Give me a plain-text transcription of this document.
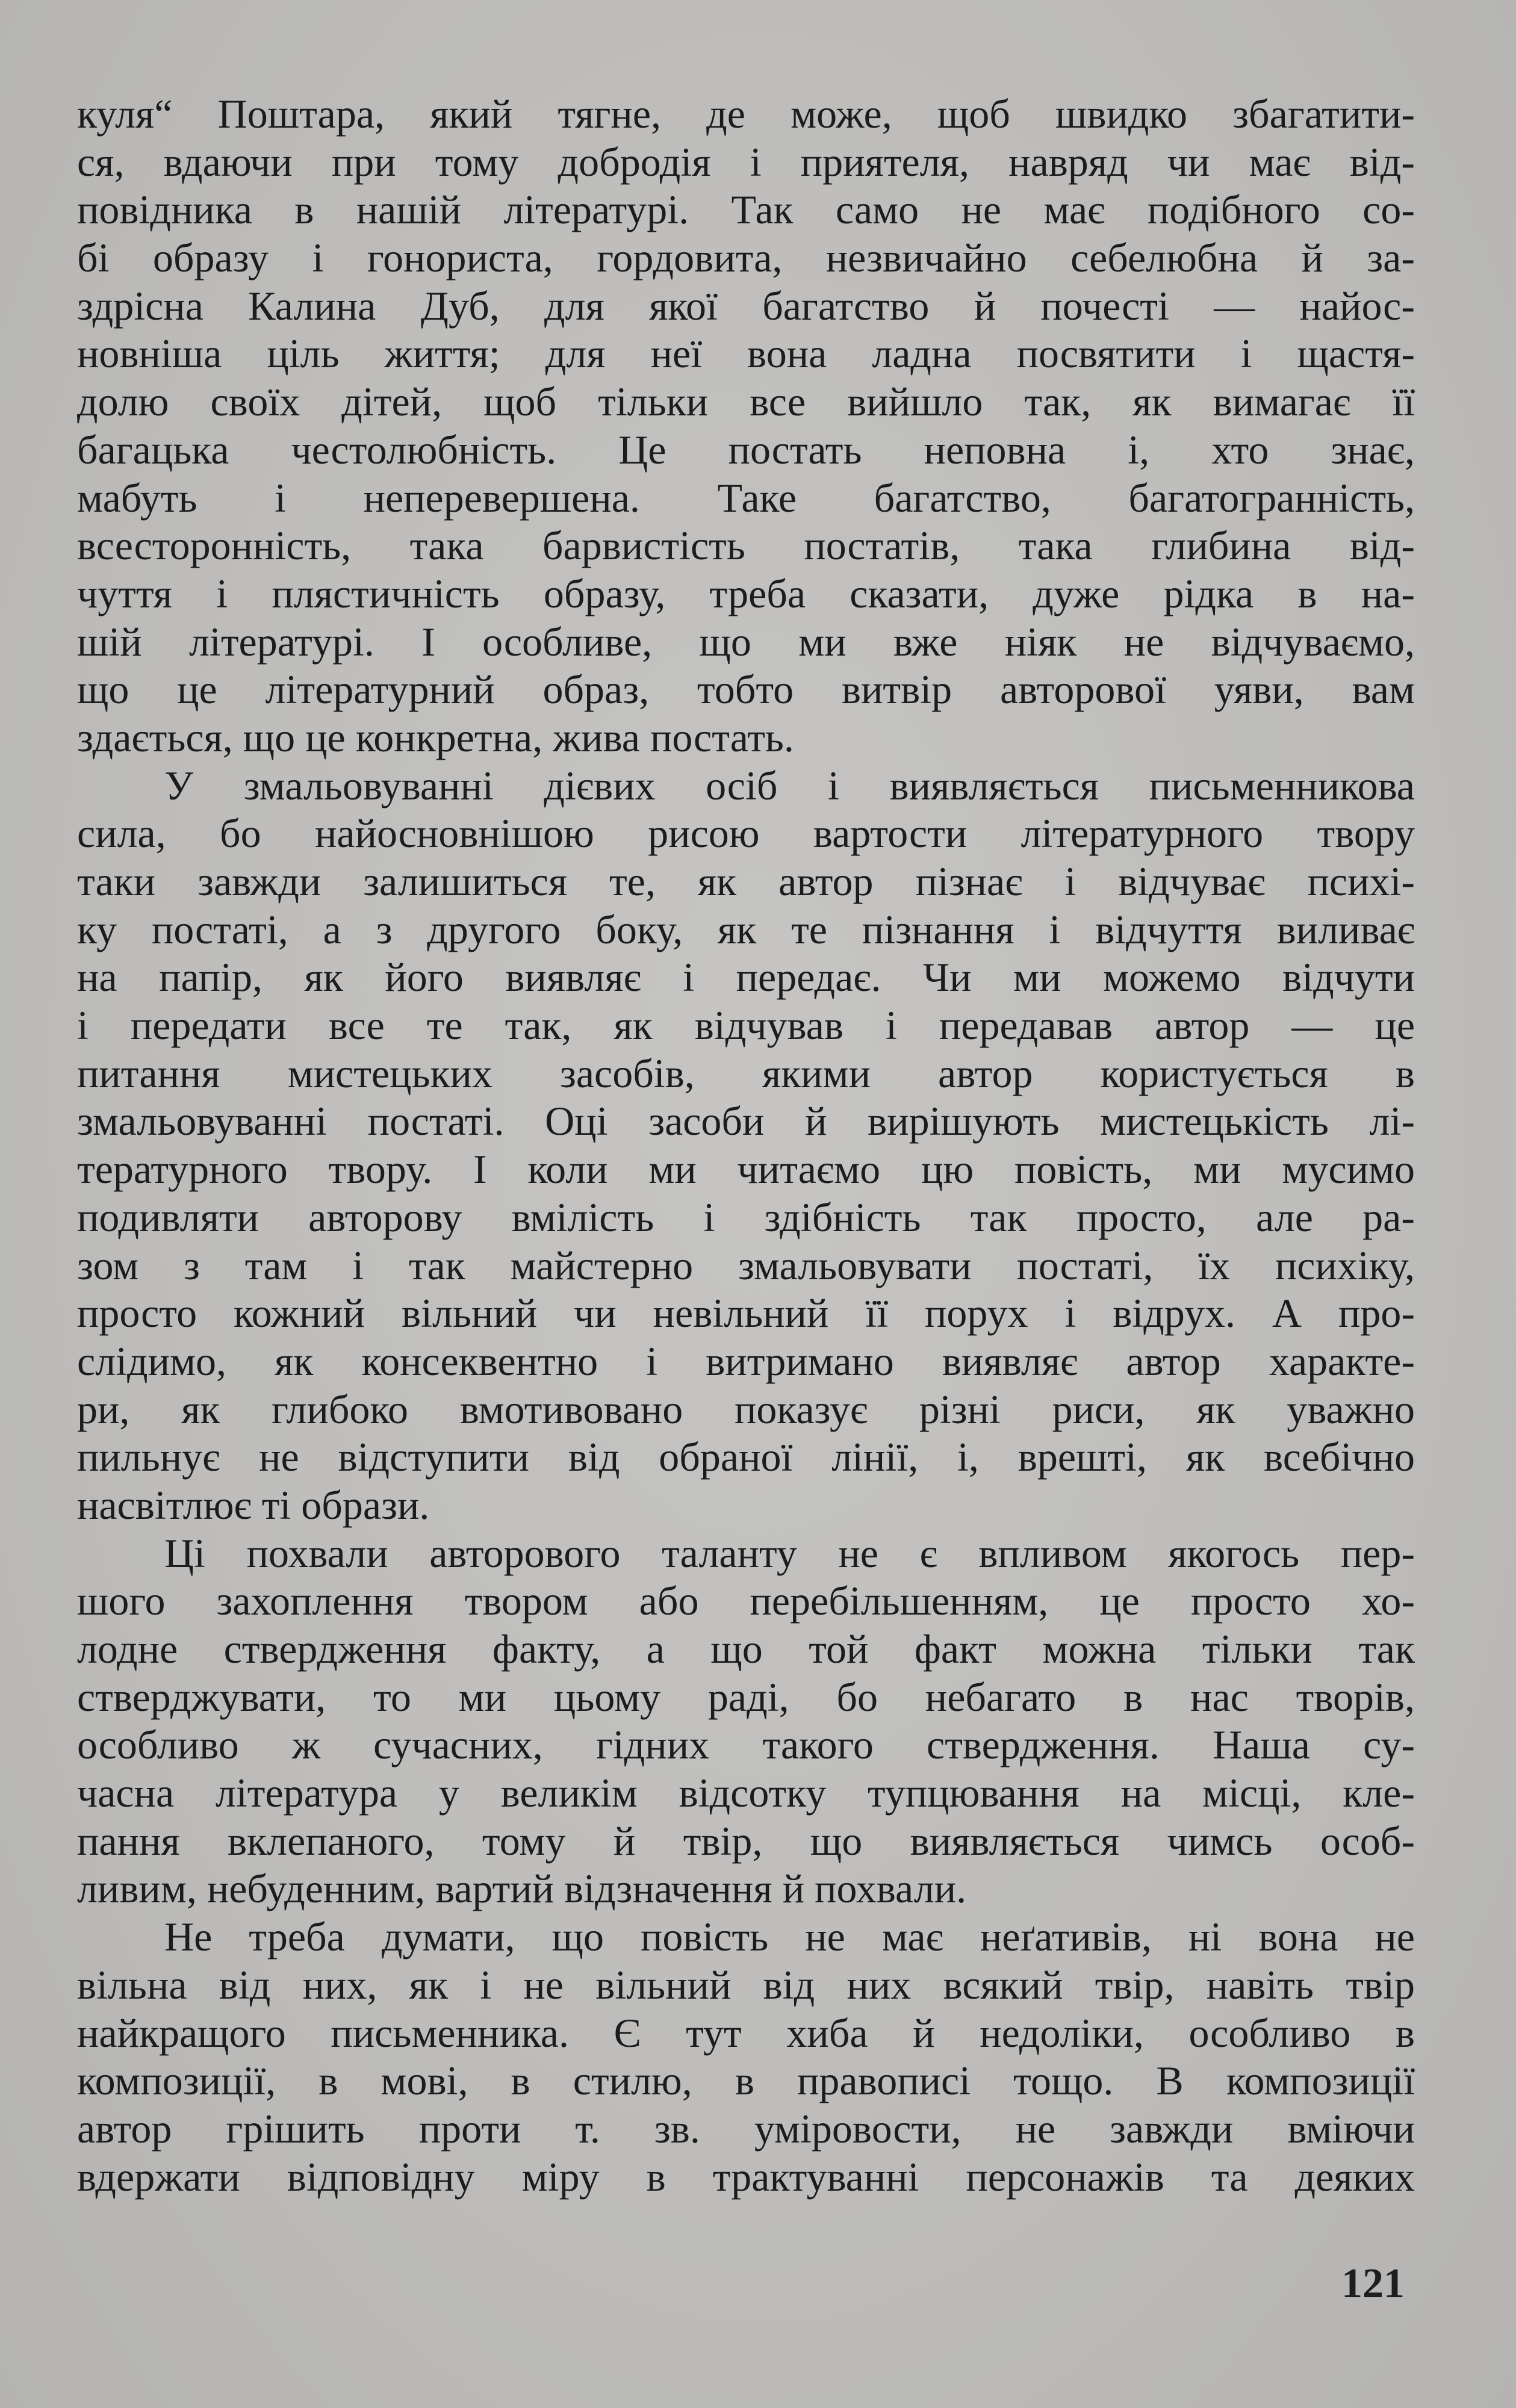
куля“ Поштара, який тягне, де може, щоб швидко збагатити-
ся, вдаючи при тому добродія і приятеля, навряд чи має від-
повідника в нашій літературі. Так само не має подібного со-
бі образу і гонориста, гордовита, незвичайно себелюбна й за-
здрісна Калина Дуб, для якої багатство й почесті — найос-
новніша ціль життя; для неї вона ладна посвятити і щастя-
долю своїх дітей, щоб тільки все вийшло так, як вимагає її
багацька честолюбність. Це постать неповна і, хто знає,
мабуть і неперевершена. Таке багатство, багатогранність,
всесторонність, така барвистість постатів, така глибина від-
чуття і плястичність образу, треба сказати, дуже рідка в на-
шій літературі. І особливе, що ми вже ніяк не відчуваємо,
що це літературний образ, тобто витвір авторової уяви, вам
здається, що це конкретна, жива постать.
У змальовуванні дієвих осіб і виявляється письменникова
сила, бо найосновнішою рисою вартости літературного твору
таки завжди залишиться те, як автор пізнає і відчуває психі-
ку постаті, а з другого боку, як те пізнання і відчуття виливає
на папір, як його виявляє і передає. Чи ми можемо відчути
і передати все те так, як відчував і передавав автор — це
питання мистецьких засобів, якими автор користується в
змальовуванні постаті. Оці засоби й вирішують мистецькість лі-
тературного твору. І коли ми читаємо цю повість, ми мусимо
подивляти авторову вмілість і здібність так просто, але ра-
зом з там і так майстерно змальовувати постаті, їх психіку,
просто кожний вільний чи невільний її порух і відрух. А про-
слідимо, як консеквентно і витримано виявляє автор характе-
ри, як глибоко вмотивовано показує різні риси, як уважно
пильнує не відступити від обраної лінії, і, врешті, як всебічно
насвітлює ті образи.
Ці похвали авторового таланту не є впливом якогось пер-
шого захоплення твором або перебільшенням, це просто хо-
лодне ствердження факту, а що той факт можна тільки так
стверджувати, то ми цьому раді, бо небагато в нас творів,
особливо ж сучасних, гідних такого ствердження. Наша су-
часна література у великім відсотку тупцювання на місці, кле-
пання вклепаного, тому й твір, що виявляється чимсь особ-
ливим, небуденним, вартий відзначення й похвали.
Не треба думати, що повість не має неґативів, ні вона не
вільна від них, як і не вільний від них всякий твір, навіть твір
найкращого письменника. Є тут хиба й недоліки, особливо в
композиції, в мові, в стилю, в правописі тощо. В композиції
автор грішить проти т. зв. уміровости, не завжди вміючи
вдержати відповідну міру в трактуванні персонажів та деяких
121
